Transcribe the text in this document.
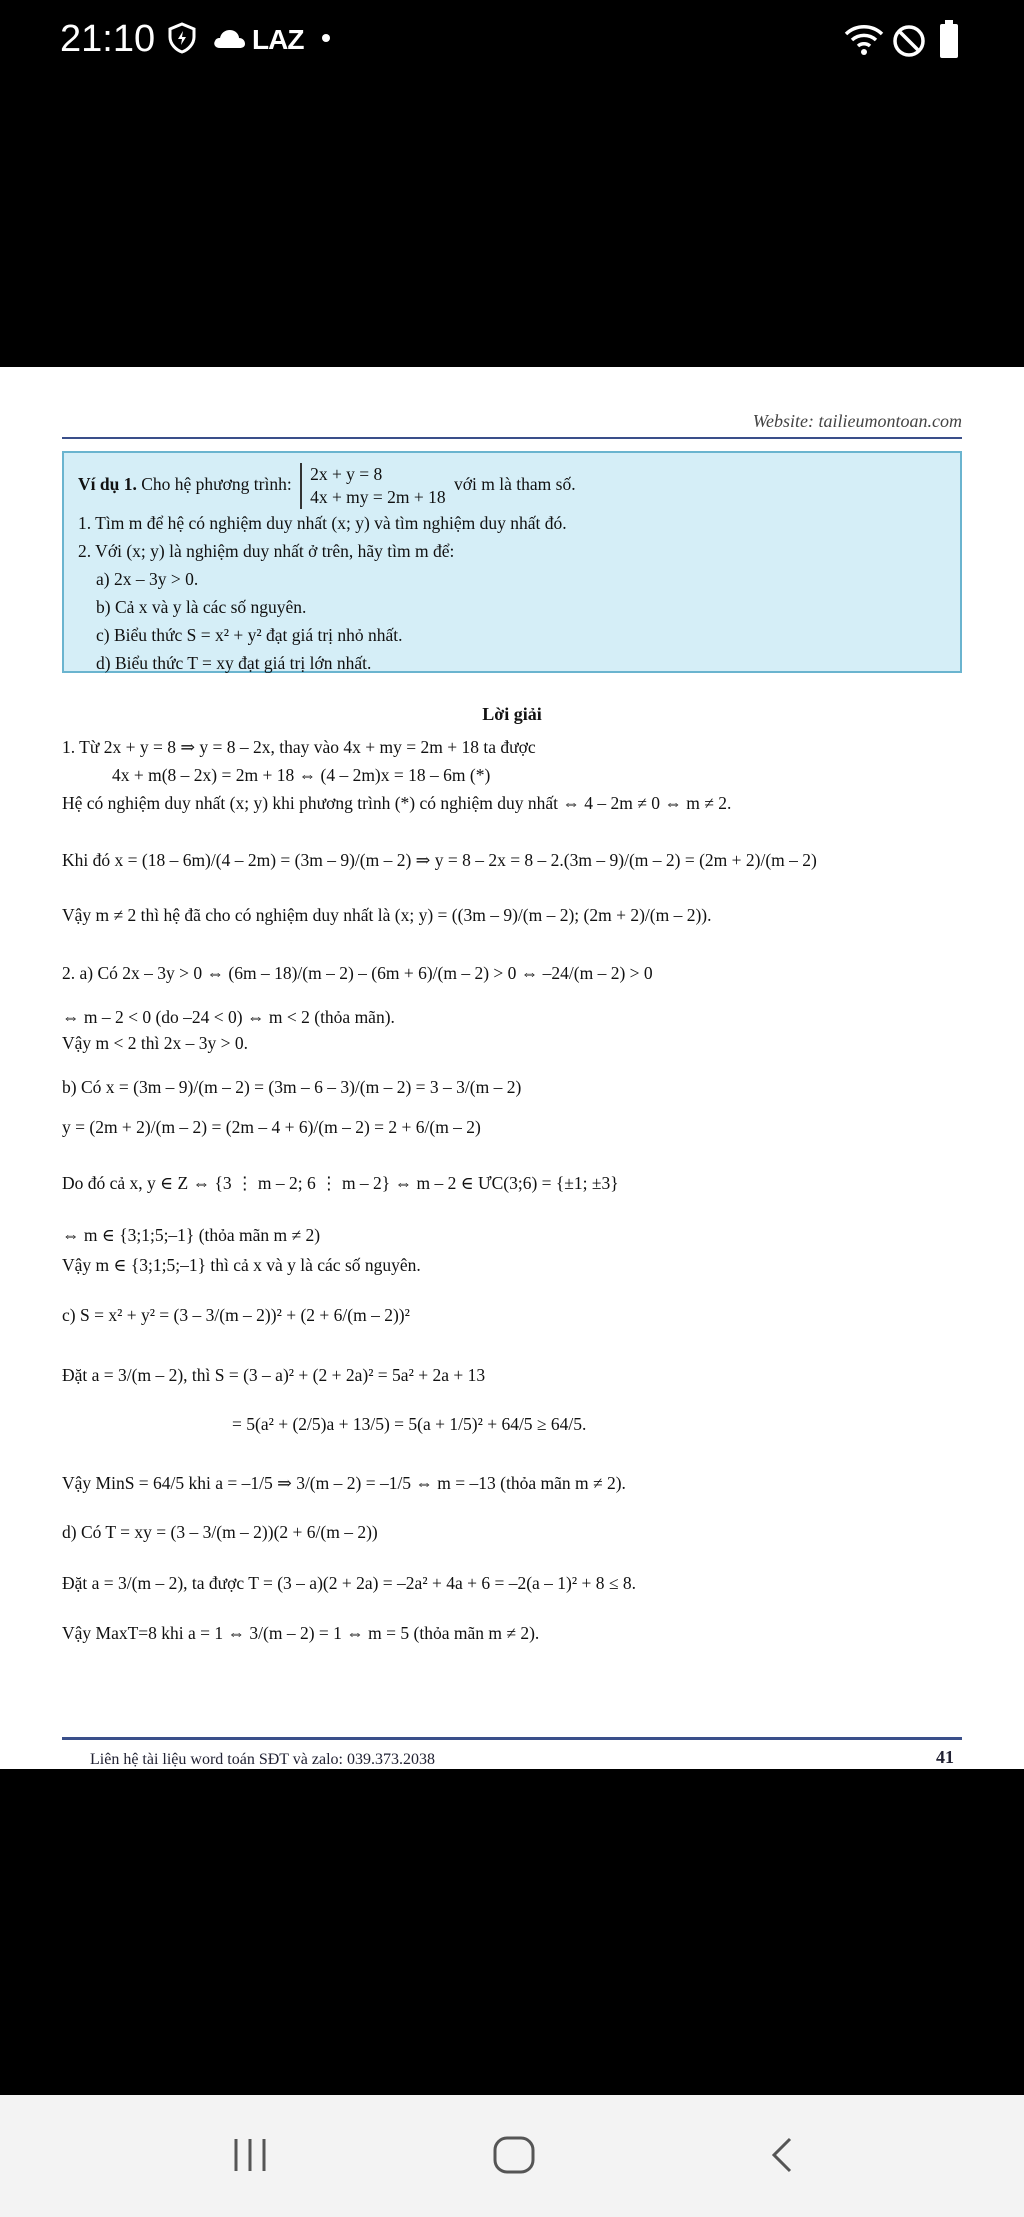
21:10	LAZ
Website: tailieumontoan.com
Ví dụ 1. Cho hệ phương trình:
2x + y = 8
4x + my = 2m + 18
với m là tham số.
1. Tìm m để hệ có nghiệm duy nhất (x; y) và tìm nghiệm duy nhất đó.
2. Với (x; y) là nghiệm duy nhất ở trên, hãy tìm m để:
a) 2x – 3y > 0.
b) Cả x và y là các số nguyên.
c) Biểu thức S = x² + y² đạt giá trị nhỏ nhất.
d) Biểu thức T = xy đạt giá trị lớn nhất.
Lời giải
1. Từ 2x + y = 8 ⇒ y = 8 – 2x, thay vào 4x + my = 2m + 18 ta được
4x + m(8 – 2x) = 2m + 18 ⇔ (4 – 2m)x = 18 – 6m (*)
Hệ có nghiệm duy nhất (x; y) khi phương trình (*) có nghiệm duy nhất ⇔ 4 – 2m ≠ 0 ⇔ m ≠ 2.
Khi đó x = (18 – 6m)/(4 – 2m) = (3m – 9)/(m – 2) ⇒ y = 8 – 2x = 8 – 2.(3m – 9)/(m – 2) = (2m + 2)/(m – 2)
Vậy m ≠ 2 thì hệ đã cho có nghiệm duy nhất là (x; y) = ((3m – 9)/(m – 2); (2m + 2)/(m – 2)).
2. a) Có 2x – 3y > 0 ⇔ (6m – 18)/(m – 2) – (6m + 6)/(m – 2) > 0 ⇔ –24/(m – 2) > 0
⇔ m – 2 < 0 (do –24 < 0) ⇔ m < 2 (thỏa mãn).
Vậy m < 2 thì 2x – 3y > 0.
b) Có x = (3m – 9)/(m – 2) = (3m – 6 – 3)/(m – 2) = 3 – 3/(m – 2)
y = (2m + 2)/(m – 2) = (2m – 4 + 6)/(m – 2) = 2 + 6/(m – 2)
Do đó cả x, y ∈ Z ⇔ {3 ⋮ m – 2; 6 ⋮ m – 2} ⇔ m – 2 ∈ ƯC(3;6) = {±1; ±3}
⇔ m ∈ {3;1;5;–1} (thỏa mãn m ≠ 2)
Vậy m ∈ {3;1;5;–1} thì cả x và y là các số nguyên.
c) S = x² + y² = (3 – 3/(m – 2))² + (2 + 6/(m – 2))²
Đặt a = 3/(m – 2), thì S = (3 – a)² + (2 + 2a)² = 5a² + 2a + 13
= 5(a² + (2/5)a + 13/5) = 5(a + 1/5)² + 64/5 ≥ 64/5.
Vậy MinS = 64/5 khi a = –1/5 ⇒ 3/(m – 2) = –1/5 ⇔ m = –13 (thỏa mãn m ≠ 2).
d) Có T = xy = (3 – 3/(m – 2))(2 + 6/(m – 2))
Đặt a = 3/(m – 2), ta được T = (3 – a)(2 + 2a) = –2a² + 4a + 6 = –2(a – 1)² + 8 ≤ 8.
Vậy MaxT=8 khi a = 1 ⇔ 3/(m – 2) = 1 ⇔ m = 5 (thỏa mãn m ≠ 2).
Liên hệ tài liệu word toán SĐT và zalo: 039.373.2038	41
